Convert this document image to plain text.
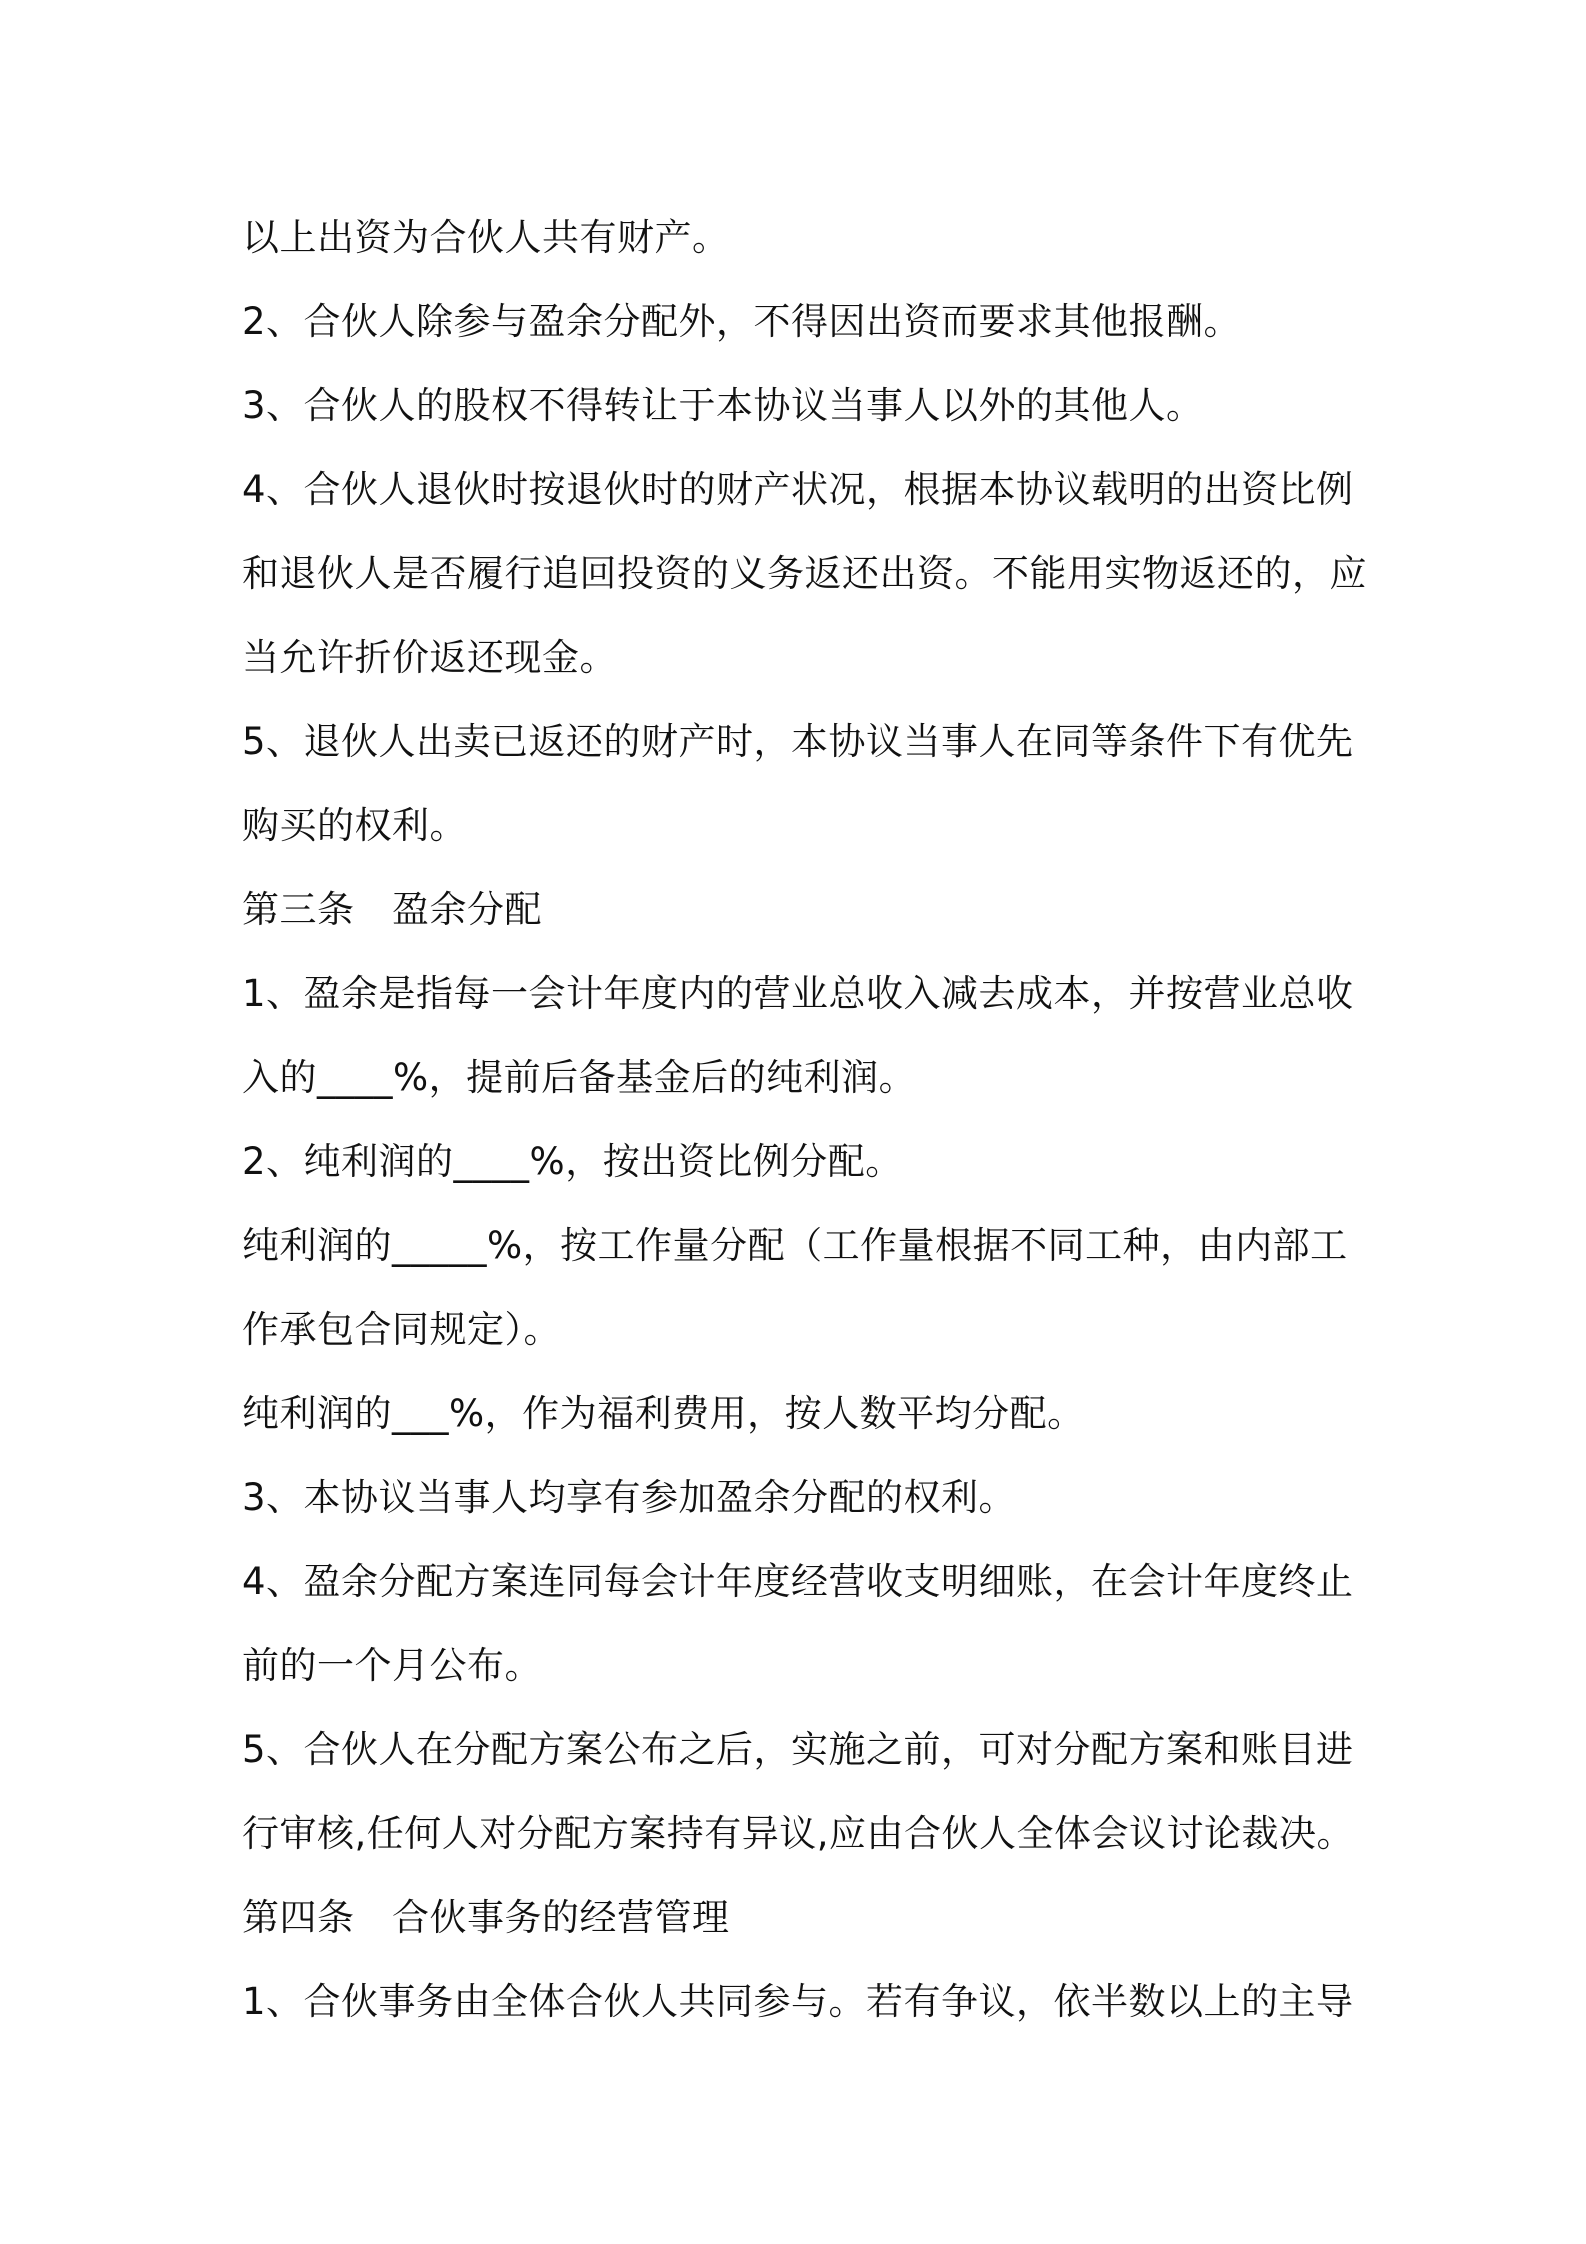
以上出资为合伙人共有财产。
2、合伙人除参与盈余分配外，不得因出资而要求其他报酬。
3、合伙人的股权不得转让于本协议当事人以外的其他人。
4、合伙人退伙时按退伙时的财产状况，根据本协议载明的出资比例
和退伙人是否履行追回投资的义务返还出资。不能用实物返还的，应
当允许折价返还现金。
5、退伙人出卖已返还的财产时，本协议当事人在同等条件下有优先
购买的权利。
第三条　盈余分配
1、盈余是指每一会计年度内的营业总收入减去成本，并按营业总收
入的____%，提前后备基金后的纯利润。
2、纯利润的____%，按出资比例分配。
纯利润的_____%，按工作量分配（工作量根据不同工种，由内部工
作承包合同规定）。
纯利润的___%，作为福利费用，按人数平均分配。
3、本协议当事人均享有参加盈余分配的权利。
4、盈余分配方案连同每会计年度经营收支明细账，在会计年度终止
前的一个月公布。
5、合伙人在分配方案公布之后，实施之前，可对分配方案和账目进
行审核,任何人对分配方案持有异议,应由合伙人全体会议讨论裁决。
第四条　合伙事务的经营管理
1、合伙事务由全体合伙人共同参与。若有争议，依半数以上的主导
